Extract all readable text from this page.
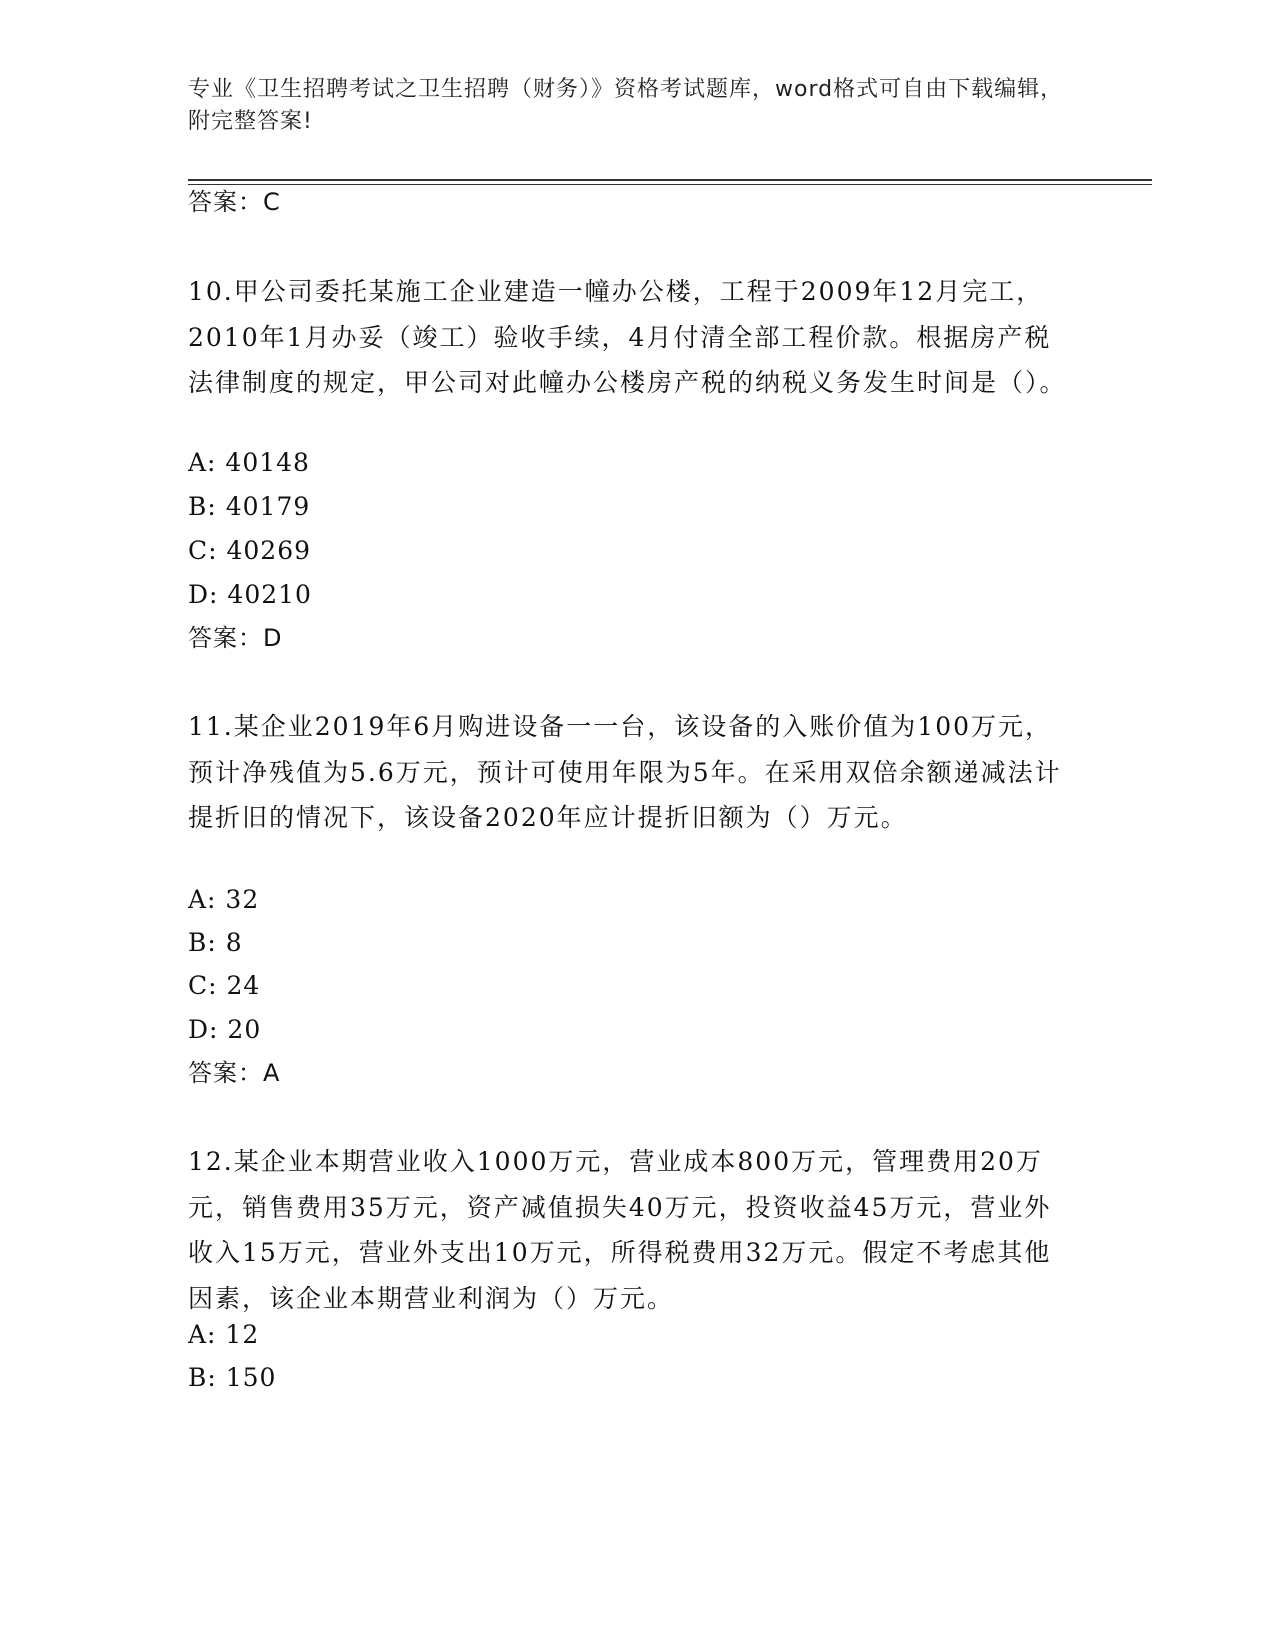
专业《卫生招聘考试之卫生招聘（财务）》资格考试题库，word格式可自由下载编辑，附完整答案!
答案：C
10.甲公司委托某施工企业建造一幢办公楼，工程于2009年12月完工，2010年1月办妥（竣工）验收手续，4月付清全部工程价款。根据房产税法律制度的规定，甲公司对此幢办公楼房产税的纳税义务发生时间是（）。
A: 40148
B: 40179
C: 40269
D: 40210
答案：D
11.某企业2019年6月购进设备一一台，该设备的入账价值为100万元，预计净残值为5.6万元，预计可使用年限为5年。在采用双倍余额递减法计提折旧的情况下，该设备2020年应计提折旧额为（）万元。
A: 32
B: 8
C: 24
D: 20
答案：A
12.某企业本期营业收入1000万元，营业成本800万元，管理费用20万元，销售费用35万元，资产减值损失40万元，投资收益45万元，营业外收入15万元，营业外支出10万元，所得税费用32万元。假定不考虑其他因素，该企业本期营业利润为（）万元。
A: 12
B: 150
